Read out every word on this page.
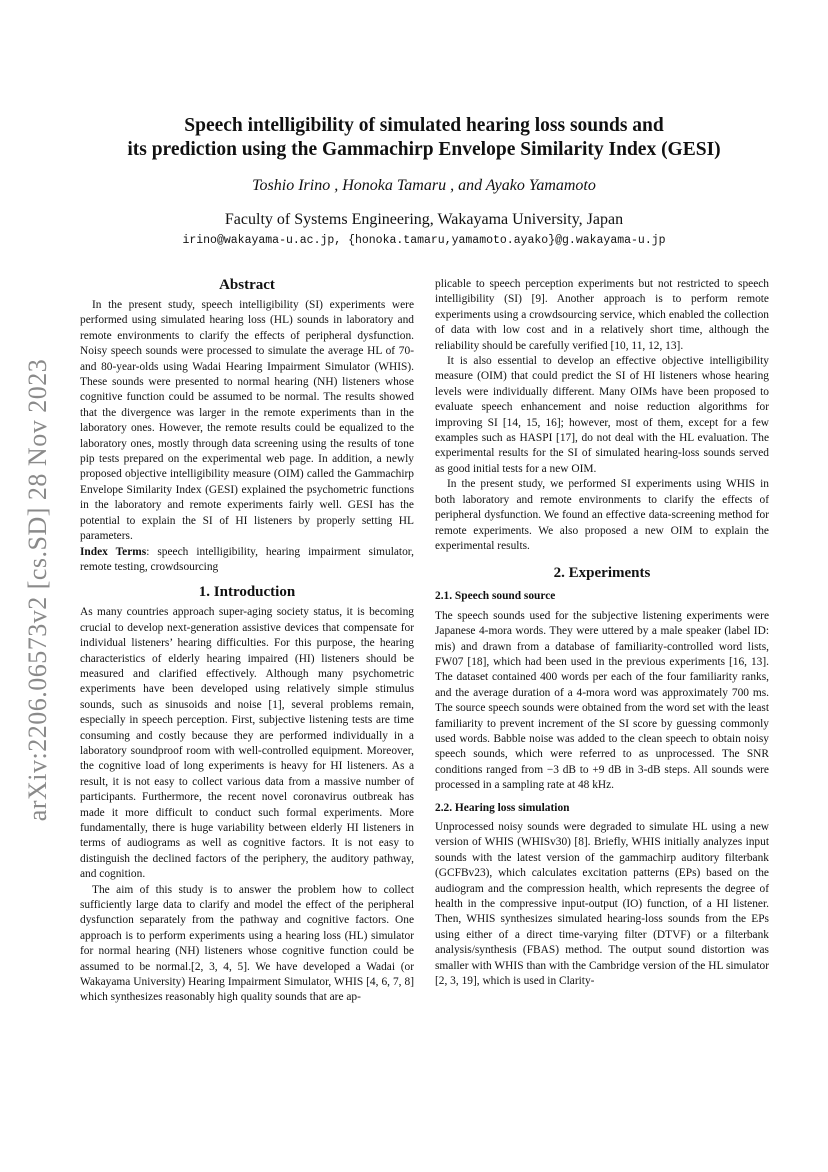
arXiv:2206.06573v2 [cs.SD] 28 Nov 2023
Speech intelligibility of simulated hearing loss sounds and
its prediction using the Gammachirp Envelope Similarity Index (GESI)
Toshio Irino , Honoka Tamaru , and Ayako Yamamoto
Faculty of Systems Engineering, Wakayama University, Japan
irino@wakayama-u.ac.jp, {honoka.tamaru,yamamoto.ayako}@g.wakayama-u.jp
Abstract

In the present study, speech intelligibility (SI) experiments were performed using simulated hearing loss (HL) sounds in laboratory and remote environments to clarify the effects of peripheral dysfunction. Noisy speech sounds were processed to simulate the average HL of 70- and 80-year-olds using Wadai Hearing Impairment Simulator (WHIS). These sounds were presented to normal hearing (NH) listeners whose cognitive function could be assumed to be normal. The results showed that the divergence was larger in the remote experiments than in the laboratory ones. However, the remote results could be equalized to the laboratory ones, mostly through data screening using the results of tone pip tests prepared on the experimental web page. In addition, a newly proposed objective intelligibility measure (OIM) called the Gammachirp Envelope Similarity Index (GESI) explained the psychometric functions in the laboratory and remote experiments fairly well. GESI has the potential to explain the SI of HI listeners by properly setting HL parameters.

Index Terms: speech intelligibility, hearing impairment simulator, remote testing, crowdsourcing

1. Introduction

As many countries approach super-aging society status, it is becoming crucial to develop next-generation assistive devices that compensate for individual listeners’ hearing difficulties. For this purpose, the hearing characteristics of elderly hearing impaired (HI) listeners should be measured and clarified effectively. Although many psychometric experiments have been developed using relatively simple stimulus sounds, such as sinusoids and noise [1], several problems remain, especially in speech perception. First, subjective listening tests are time consuming and costly because they are performed individually in a laboratory soundproof room with well-controlled equipment. Moreover, the cognitive load of long experiments is heavy for HI listeners. As a result, it is not easy to collect various data from a massive number of participants. Furthermore, the recent novel coronavirus outbreak has made it more difficult to conduct such formal experiments. More fundamentally, there is huge variability between elderly HI listeners in terms of audiograms as well as cognitive factors. It is not easy to distinguish the declined factors of the periphery, the auditory pathway, and cognition.

The aim of this study is to answer the problem how to collect sufficiently large data to clarify and model the effect of the peripheral dysfunction separately from the pathway and cognitive factors. One approach is to perform experiments using a hearing loss (HL) simulator for normal hearing (NH) listeners whose cognitive function could be assumed to be normal.[2, 3, 4, 5]. We have developed a Wadai (or Wakayama University) Hearing Impairment Simulator, WHIS [4, 6, 7, 8] which synthesizes reasonably high quality sounds that are ap-

plicable to speech perception experiments but not restricted to speech intelligibility (SI) [9]. Another approach is to perform remote experiments using a crowdsourcing service, which enabled the collection of data with low cost and in a relatively short time, although the reliability should be carefully verified [10, 11, 12, 13].

It is also essential to develop an effective objective intelligibility measure (OIM) that could predict the SI of HI listeners whose hearing levels were individually different. Many OIMs have been proposed to evaluate speech enhancement and noise reduction algorithms for improving SI [14, 15, 16]; however, most of them, except for a few examples such as HASPI [17], do not deal with the HL evaluation. The experimental results for the SI of simulated hearing-loss sounds served as good initial tests for a new OIM.

In the present study, we performed SI experiments using WHIS in both laboratory and remote environments to clarify the effects of peripheral dysfunction. We found an effective data-screening method for remote experiments. We also proposed a new OIM to explain the experimental results.

2. Experiments
2.1. Speech sound source

The speech sounds used for the subjective listening experiments were Japanese 4-mora words. They were uttered by a male speaker (label ID: mis) and drawn from a database of familiarity-controlled word lists, FW07 [18], which had been used in the previous experiments [16, 13]. The dataset contained 400 words per each of the four familiarity ranks, and the average duration of a 4-mora word was approximately 700 ms. The source speech sounds were obtained from the word set with the least familiarity to prevent increment of the SI score by guessing commonly used words. Babble noise was added to the clean speech to obtain noisy speech sounds, which were referred to as unprocessed. The SNR conditions ranged from −3 dB to +9 dB in 3-dB steps. All sounds were processed in a sampling rate at 48 kHz.

2.2. Hearing loss simulation

Unprocessed noisy sounds were degraded to simulate HL using a new version of WHIS (WHISv30) [8]. Briefly, WHIS initially analyzes input sounds with the latest version of the gammachirp auditory filterbank (GCFBv23), which calculates excitation patterns (EPs) based on the audiogram and the compression health, which represents the degree of health in the compressive input-output (IO) function, of a HI listener. Then, WHIS synthesizes simulated hearing-loss sounds from the EPs using either of a direct time-varying filter (DTVF) or a filterbank analysis/synthesis (FBAS) method. The output sound distortion was smaller with WHIS than with the Cambridge version of the HL simulator [2, 3, 19], which is used in Clarity-
